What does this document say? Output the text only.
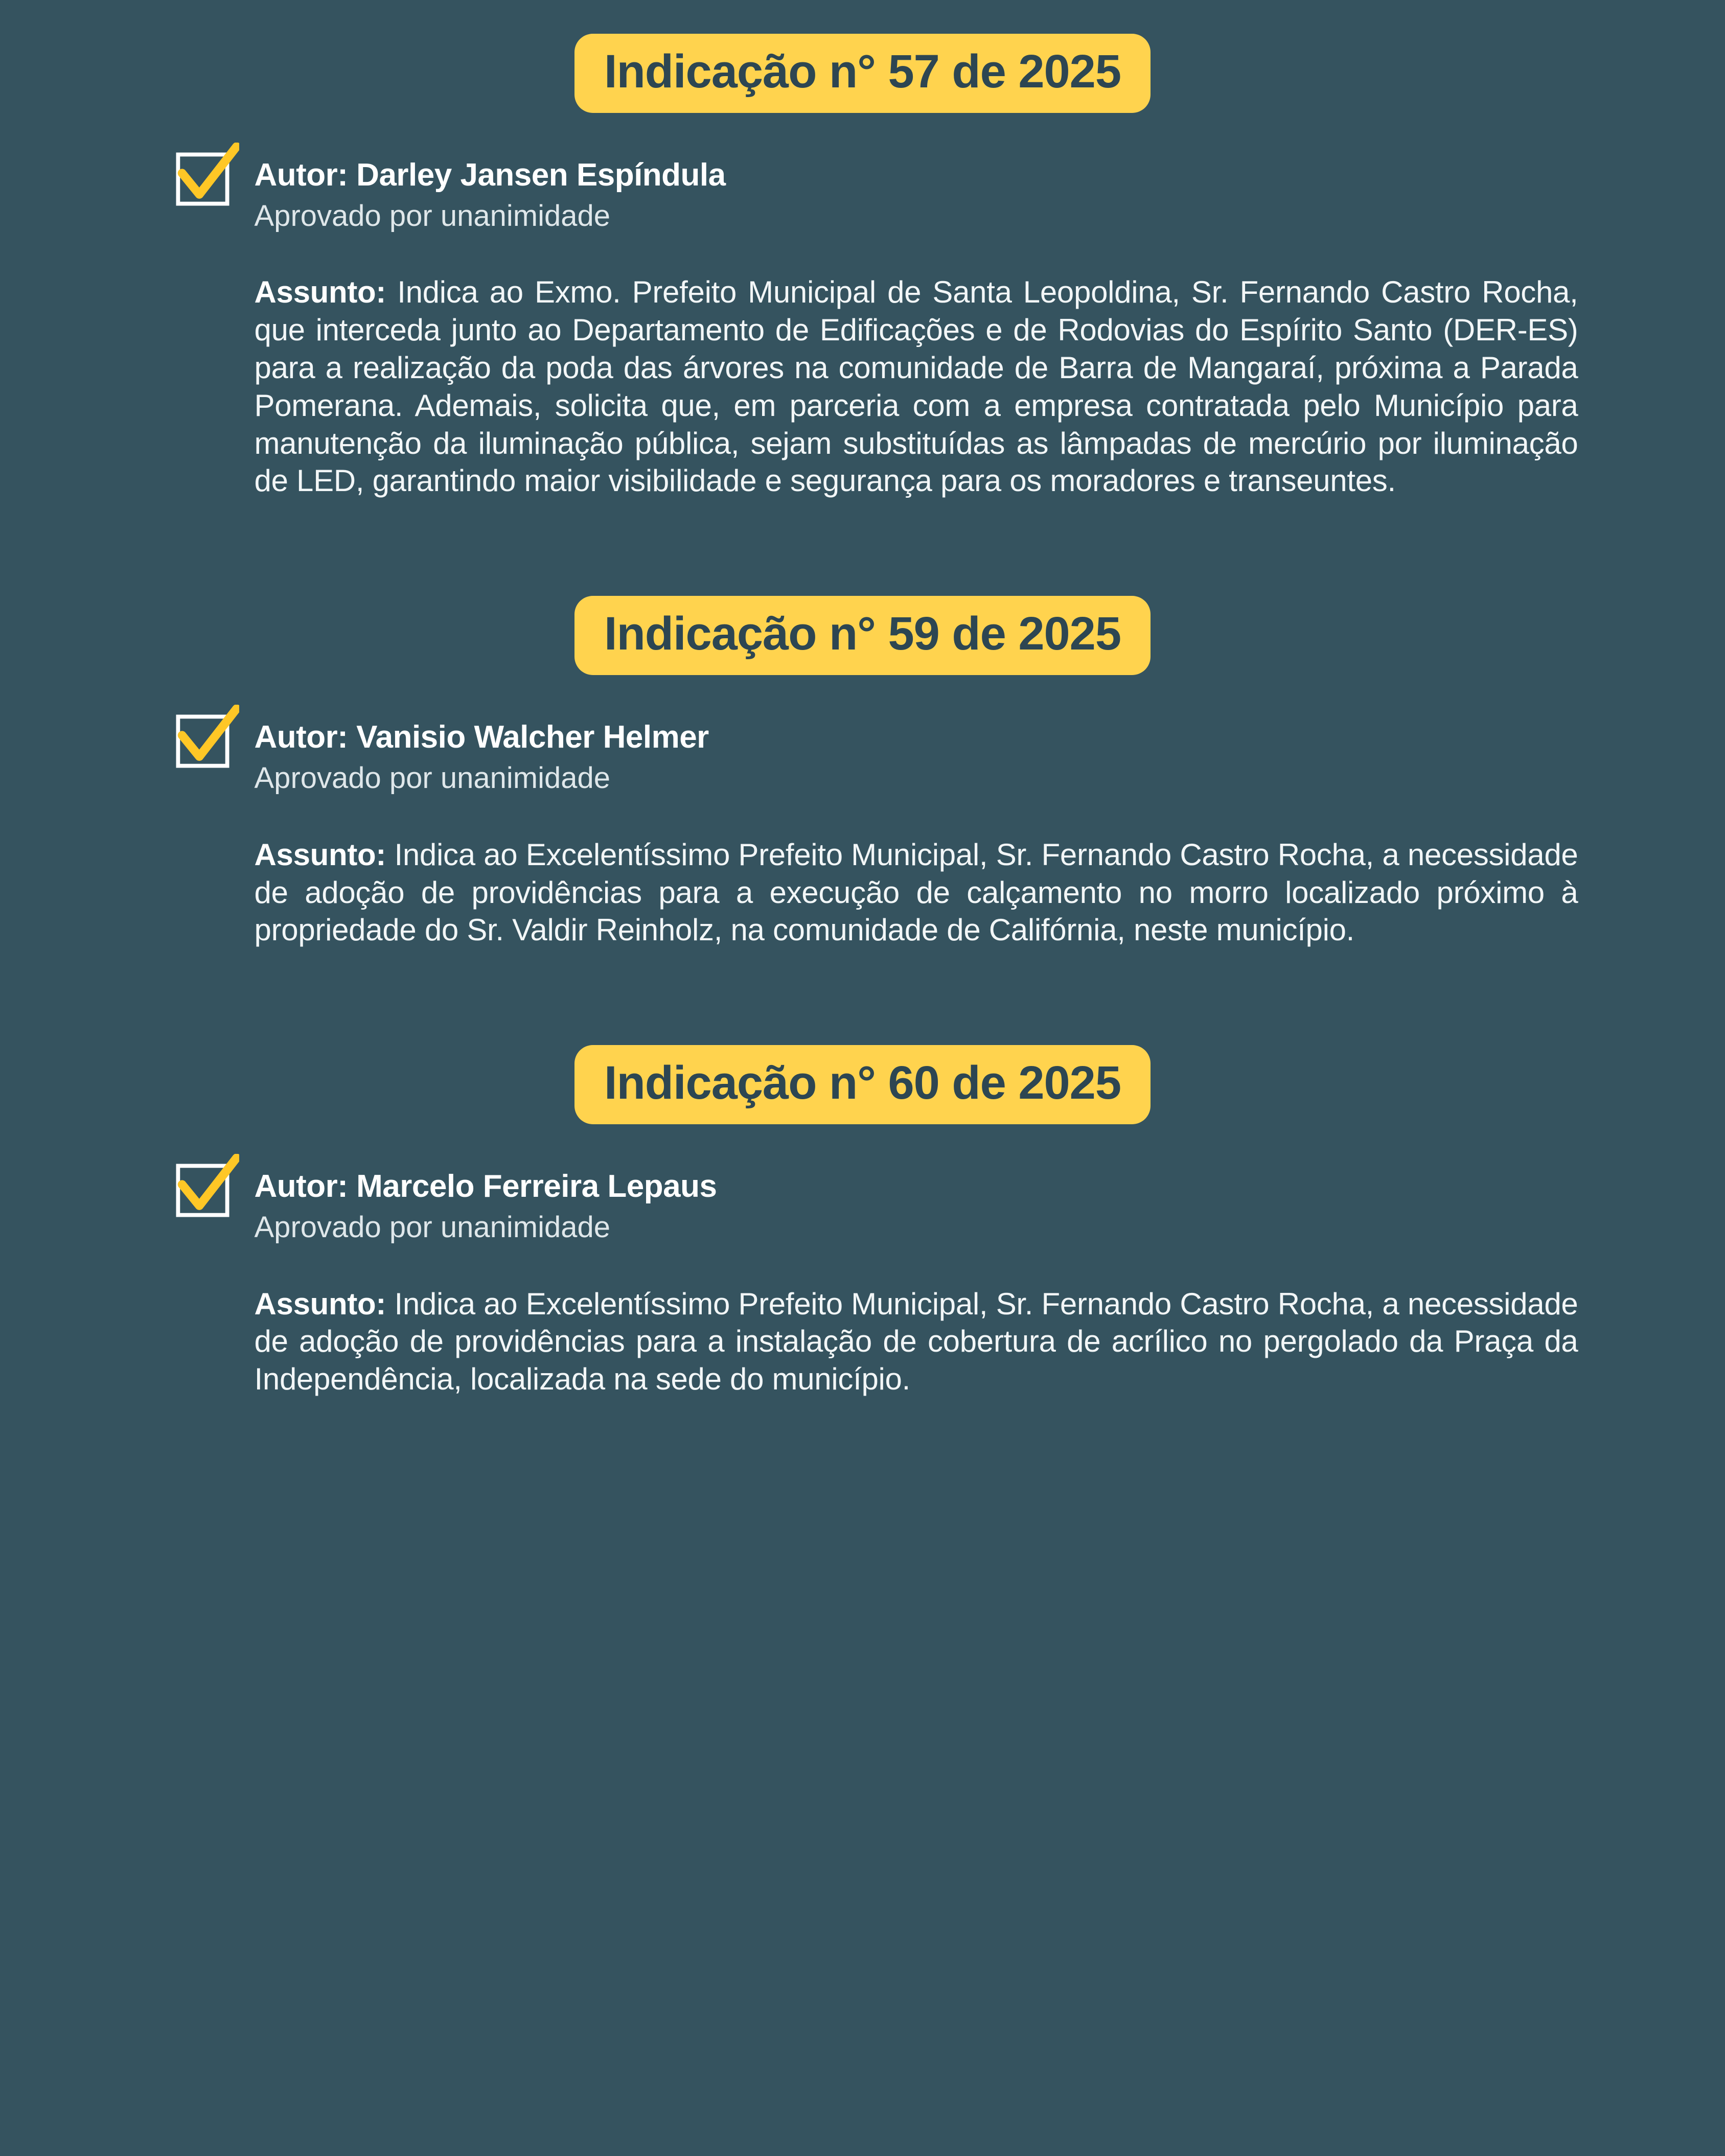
Indicação n° 57 de 2025

Autor: Darley Jansen Espíndula

Aprovado por unanimidade

Assunto: Indica ao Exmo. Prefeito Municipal de Santa Leopoldina, Sr. Fernando Castro Rocha, que interceda junto ao Departamento de Edificações e de Rodovias do Espírito Santo (DER-ES) para a realização da poda das árvores na comunidade de Barra de Mangaraí, próxima a Parada Pomerana. Ademais, solicita que, em parceria com a empresa contratada pelo Município para manutenção da iluminação pública, sejam substituídas as lâmpadas de mercúrio por iluminação de LED, garantindo maior visibilidade e segurança para os moradores e transeuntes.

Indicação n° 59 de 2025

Autor: Vanisio Walcher Helmer

Aprovado por unanimidade

Assunto: Indica ao Excelentíssimo Prefeito Municipal, Sr. Fernando Castro Rocha, a necessidade de adoção de providências para a execução de calçamento no morro localizado próximo à propriedade do Sr. Valdir Reinholz, na comunidade de Califórnia, neste município.

Indicação n° 60 de 2025

Autor: Marcelo Ferreira Lepaus

Aprovado por unanimidade

Assunto: Indica ao Excelentíssimo Prefeito Municipal, Sr. Fernando Castro Rocha, a necessidade de adoção de providências para a instalação de cobertura de acrílico no pergolado da Praça da Independência, localizada na sede do município.
